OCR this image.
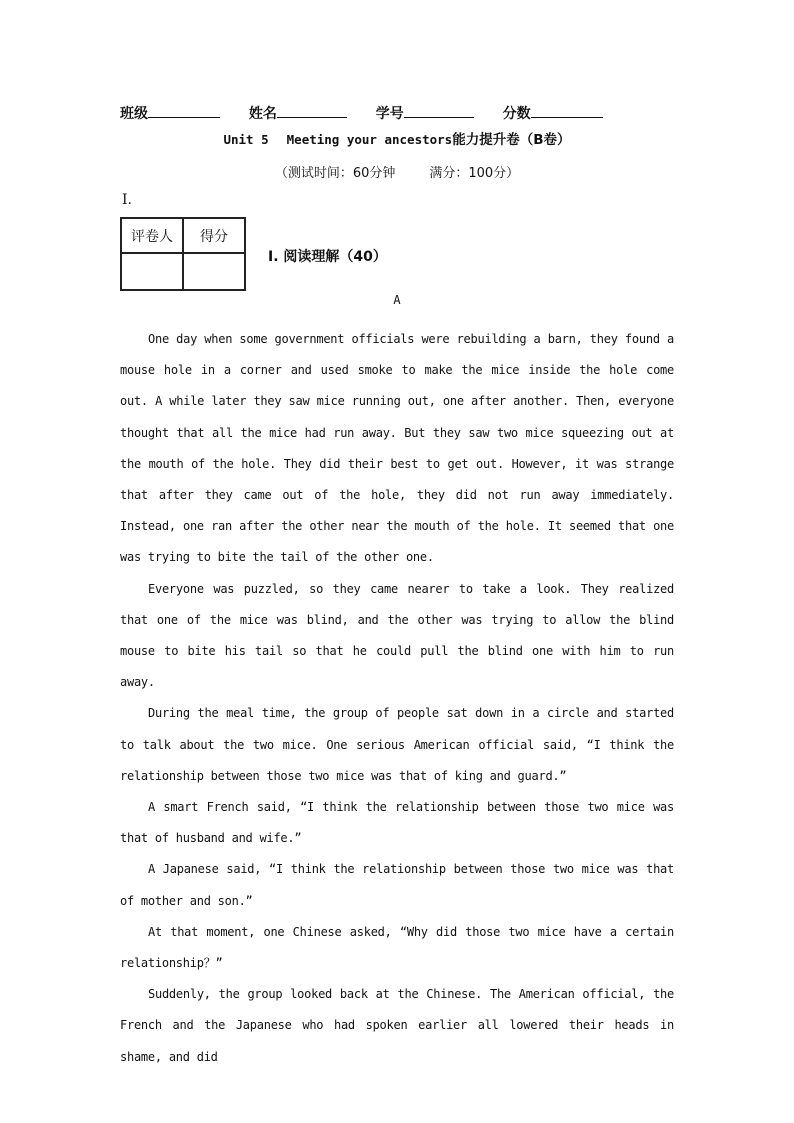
班级	姓名	学号	分数
Unit 5 Meeting your ancestors能力提升卷（B卷）
（测试时间：60分钟	满分：100分）
Ⅰ.
评卷人	得分

I. 阅读理解（40）
A

One day when some government officials were rebuilding a barn, they found a mouse hole in a corner and used smoke to make the mice inside the hole come out. A while later they saw mice running out, one after another. Then, everyone thought that all the mice had run away. But they saw two mice squeezing out at the mouth of the hole. They did their best to get out. However, it was strange that after they came out of the hole, they did not run away immediately. Instead, one ran after the other near the mouth of the hole. It seemed that one was trying to bite the tail of the other one.

Everyone was puzzled, so they came nearer to take a look. They realized that one of the mice was blind, and the other was trying to allow the blind mouse to bite his tail so that he could pull the blind one with him to run away.

During the meal time, the group of people sat down in a circle and started to talk about the two mice. One serious American official said, “I think the relationship between those two mice was that of king and guard.”

A smart French said, “I think the relationship between those two mice was that of husband and wife.”

A Japanese said, “I think the relationship between those two mice was that of mother and son.”

At that moment, one Chinese asked, “Why did those two mice have a certain relationship？”

Suddenly, the group looked back at the Chinese. The American official, the French and the Japanese who had spoken earlier all lowered their heads in shame, and did
